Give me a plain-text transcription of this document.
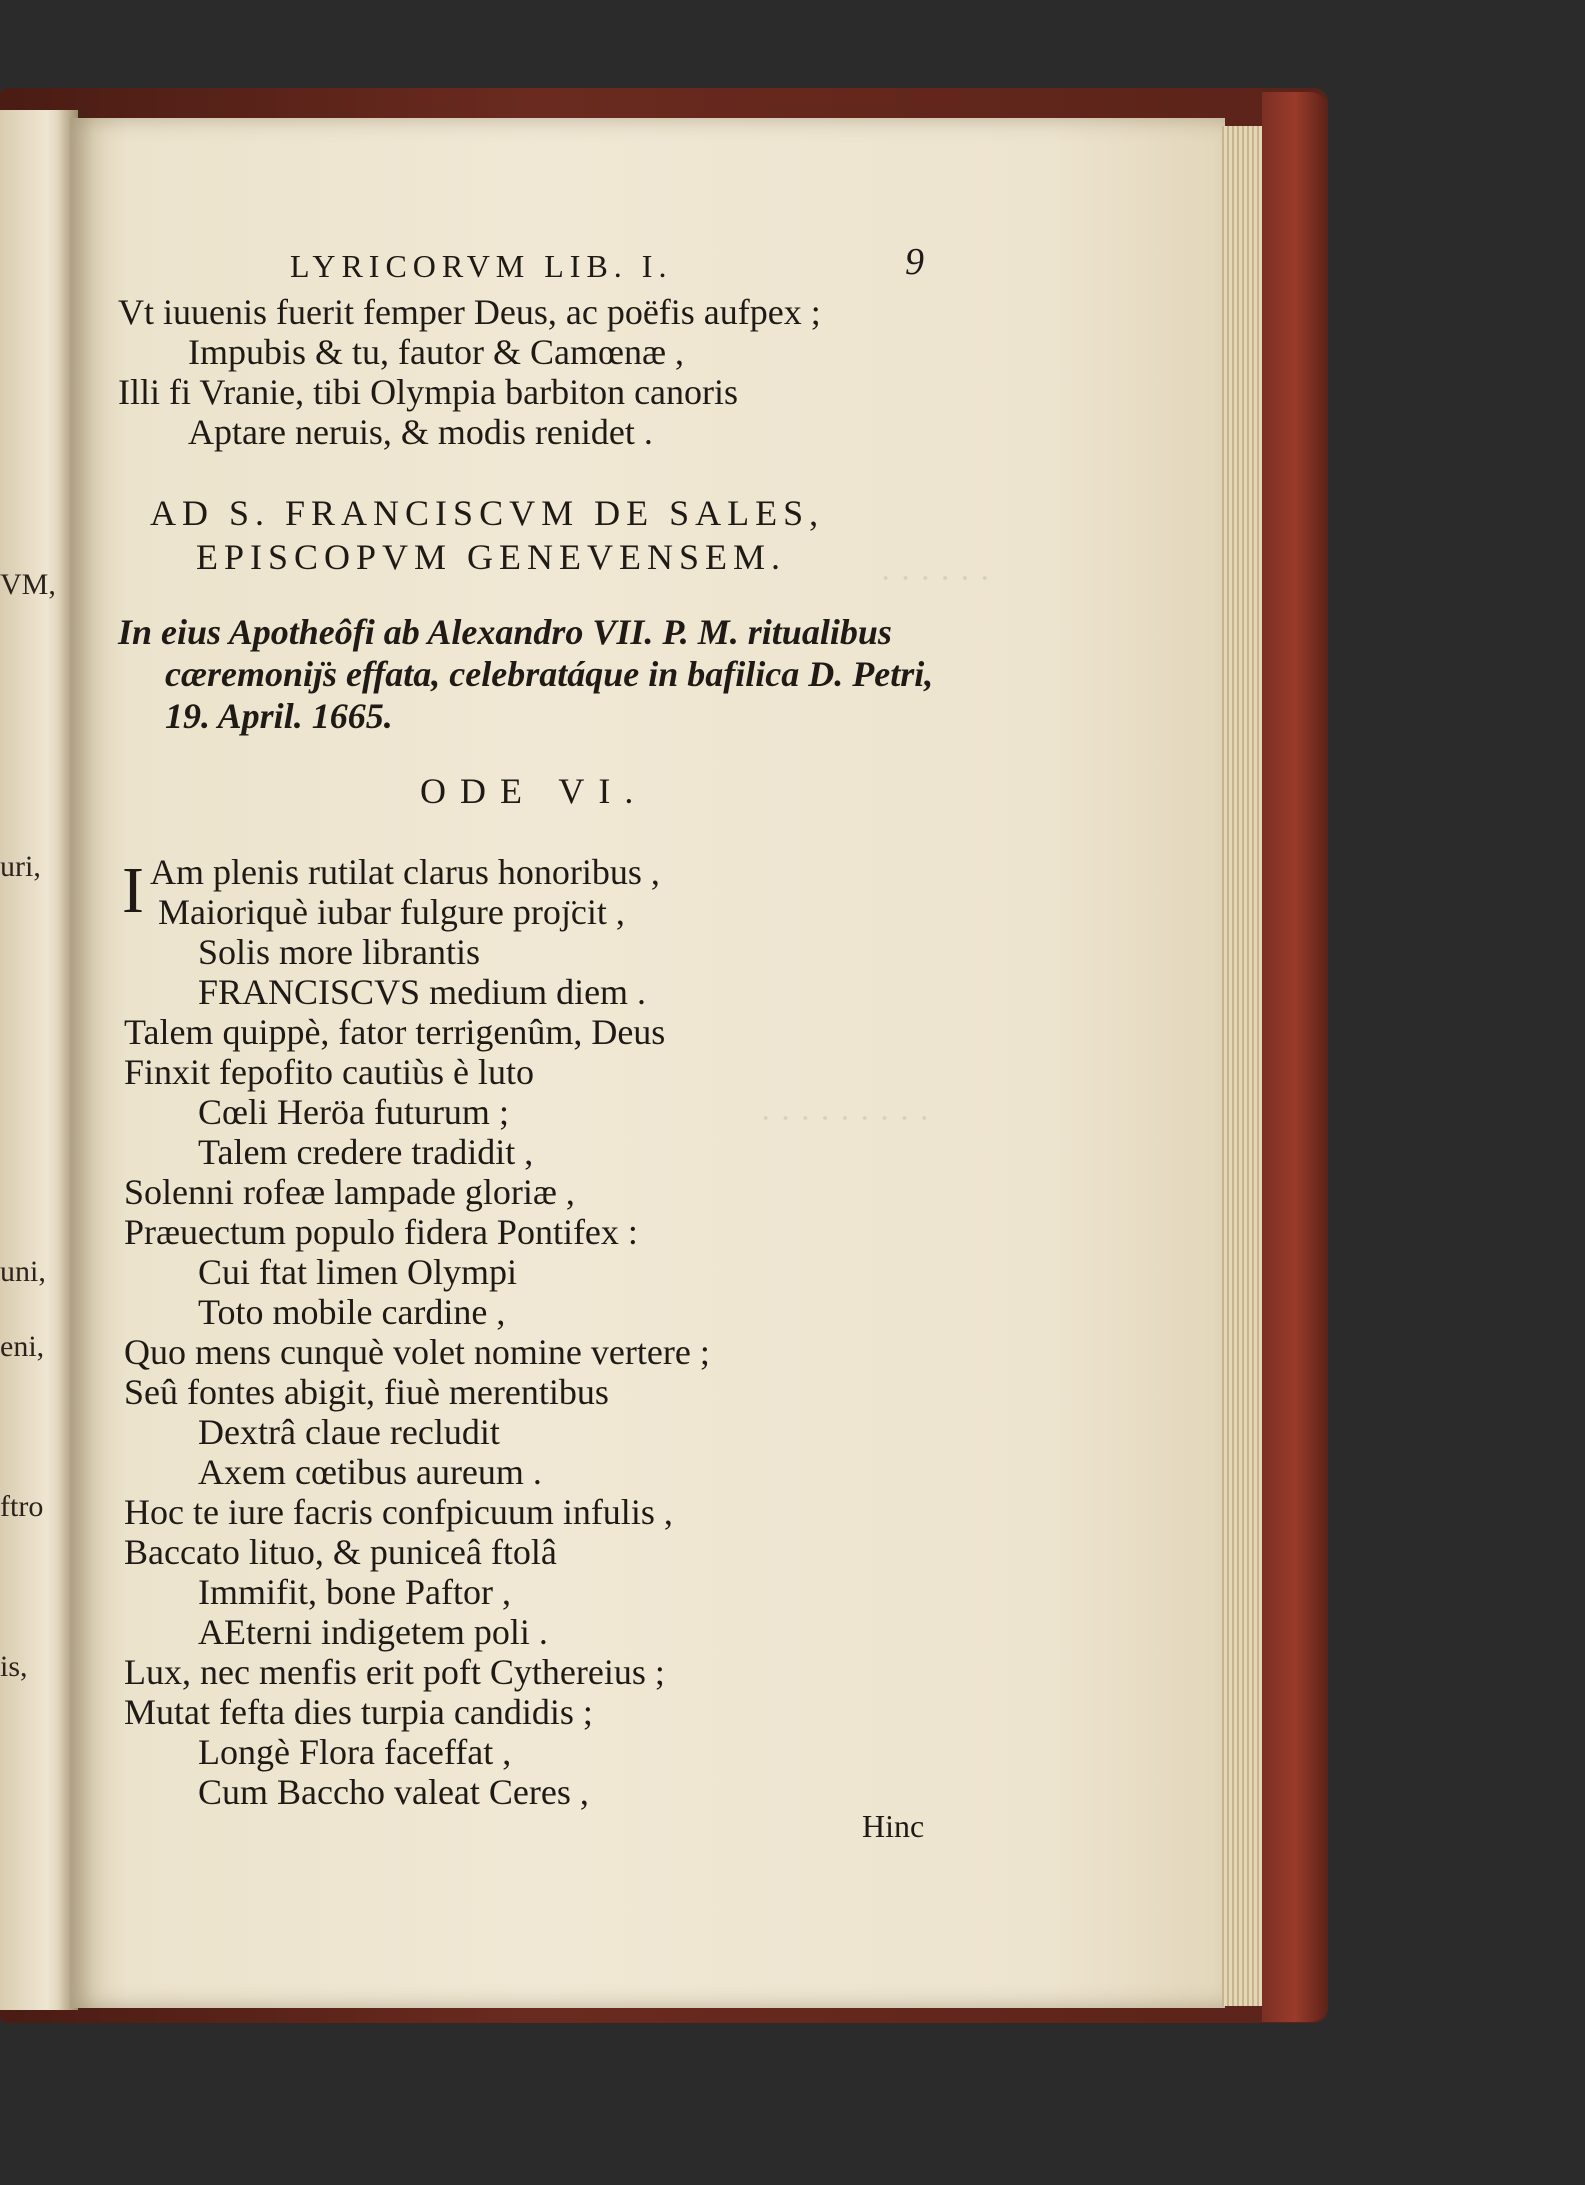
VM,
uri,
uni,
eni,
ftro
is,
· · · · · ·
· · · · · · · · ·
LYRICORVM LIB. I.	9
Vt iuuenis fuerit femper Deus, ac poëfis aufpex ;
Impubis & tu, fautor & Camœnæ ,
Illi fi Vranie, tibi Olympia barbiton canoris
Aptare neruis, & modis renidet .
AD S. FRANCISCVM DE SALES,
EPISCOPVM GENEVENSEM.
In eius Apotheôfi ab Alexandro VII. P. M. ritualibus
cæremoniȷ̈s effata, celebratáque in bafilica D. Petri,
19. April. 1665.
ODE VI.
I Am plenis rutilat clarus honoribus ,
Maioriquè iubar fulgure proȷ̈cit ,
Solis more librantis
FRANCISCVS medium diem .
Talem quippè, fator terrigenûm, Deus
Finxit fepofito cautiùs è luto
Cœli Heröa futurum ;
Talem credere tradidit ,
Solenni rofeæ lampade gloriæ ,
Præuectum populo fidera Pontifex :
Cui ftat limen Olympi
Toto mobile cardine ,
Quo mens cunquè volet nomine vertere ;
Seû fontes abigit, fiuè merentibus
Dextrâ claue recludit
Axem cœtibus aureum .
Hoc te iure facris confpicuum infulis ,
Baccato lituo, & puniceâ ftolâ
Immifit, bone Paftor ,
AEterni indigetem poli .
Lux, nec menfis erit poft Cythereius ;
Mutat fefta dies turpia candidis ;
Longè Flora faceffat ,
Cum Baccho valeat Ceres ,
Hinc
